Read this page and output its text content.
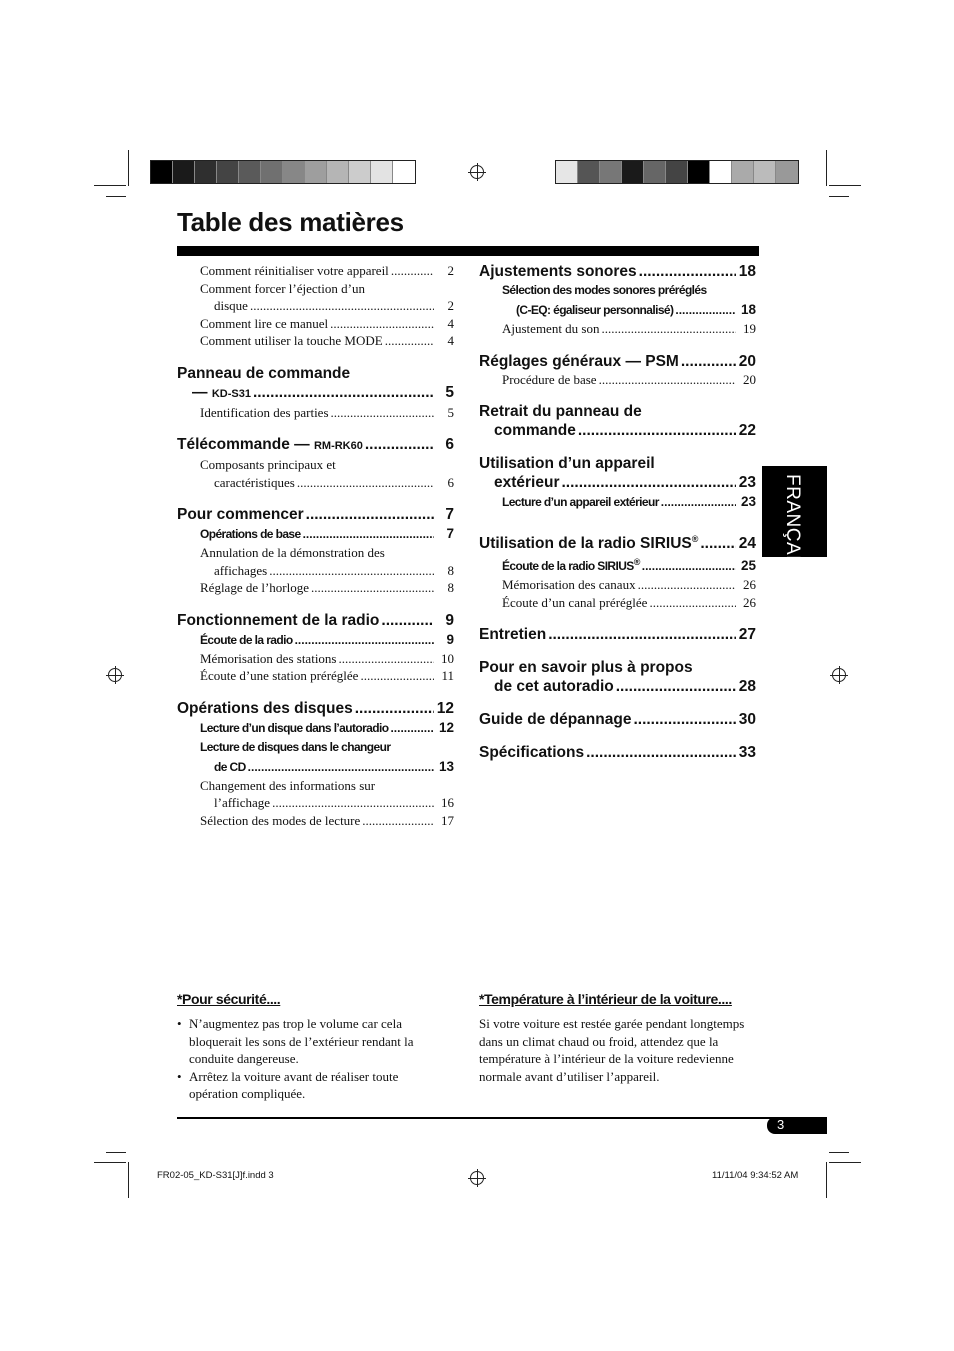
Table des matières
Comment réinitialiser votre appareil .....	2
Comment forcer l’éjection d’un
disque .....	2
Comment lire ce manuel .....	4
Comment utiliser la touche MODE .....	4
Panneau de commande
— KD-S31 .....	5
Identification des parties .....	5
Télécommande — RM-RK60 .....	6
Composants principaux et
caractéristiques .....	6
Pour commencer .....	7
Opérations de base .....	7
Annulation de la démonstration des
affichages .....	8
Réglage de l’horloge .....	8
Fonctionnement de la radio .....	9
Écoute de la radio .....	9
Mémorisation des stations .....	10
Écoute d’une station préréglée .....	11
Opérations des disques .....	12
Lecture d’un disque dans l’autoradio .....	12
Lecture de disques dans le changeur
de CD .....	13
Changement des informations sur
l’affichage .....	16
Sélection des modes de lecture .....	17
Ajustements sonores .....	18
Sélection des modes sonores préréglés
(C-EQ: égaliseur personnalisé) .....	18
Ajustement du son .....	19
Réglages généraux — PSM .....	20
Procédure de base .....	20
Retrait du panneau de
commande .....	22
Utilisation d’un appareil
extérieur .....	23
Lecture d’un appareil extérieur .....	23
Utilisation de la radio SIRIUS® .....	24
Écoute de la radio SIRIUS® .....	25
Mémorisation des canaux .....	26
Écoute d’un canal préréglée .....	26
Entretien .....	27
Pour en savoir plus à propos
de cet autoradio .....	28
Guide de dépannage .....	30
Spécifications .....	33
FRANÇAIS
*Pour sécurité....
• N’augmentez pas trop le volume car cela bloquerait les sons de l’extérieur rendant la conduite dangereuse.
• Arrêtez la voiture avant de réaliser toute opération compliquée.
*Température à l’intérieur de la voiture....

Si votre voiture est restée garée pendant longtemps dans un climat chaud ou froid, attendez que la température à l’intérieur de la voiture redevienne normale avant d’utiliser l’appareil.

3
FR02-05_KD-S31[J]f.indd 3	11/11/04 9:34:52 AM
